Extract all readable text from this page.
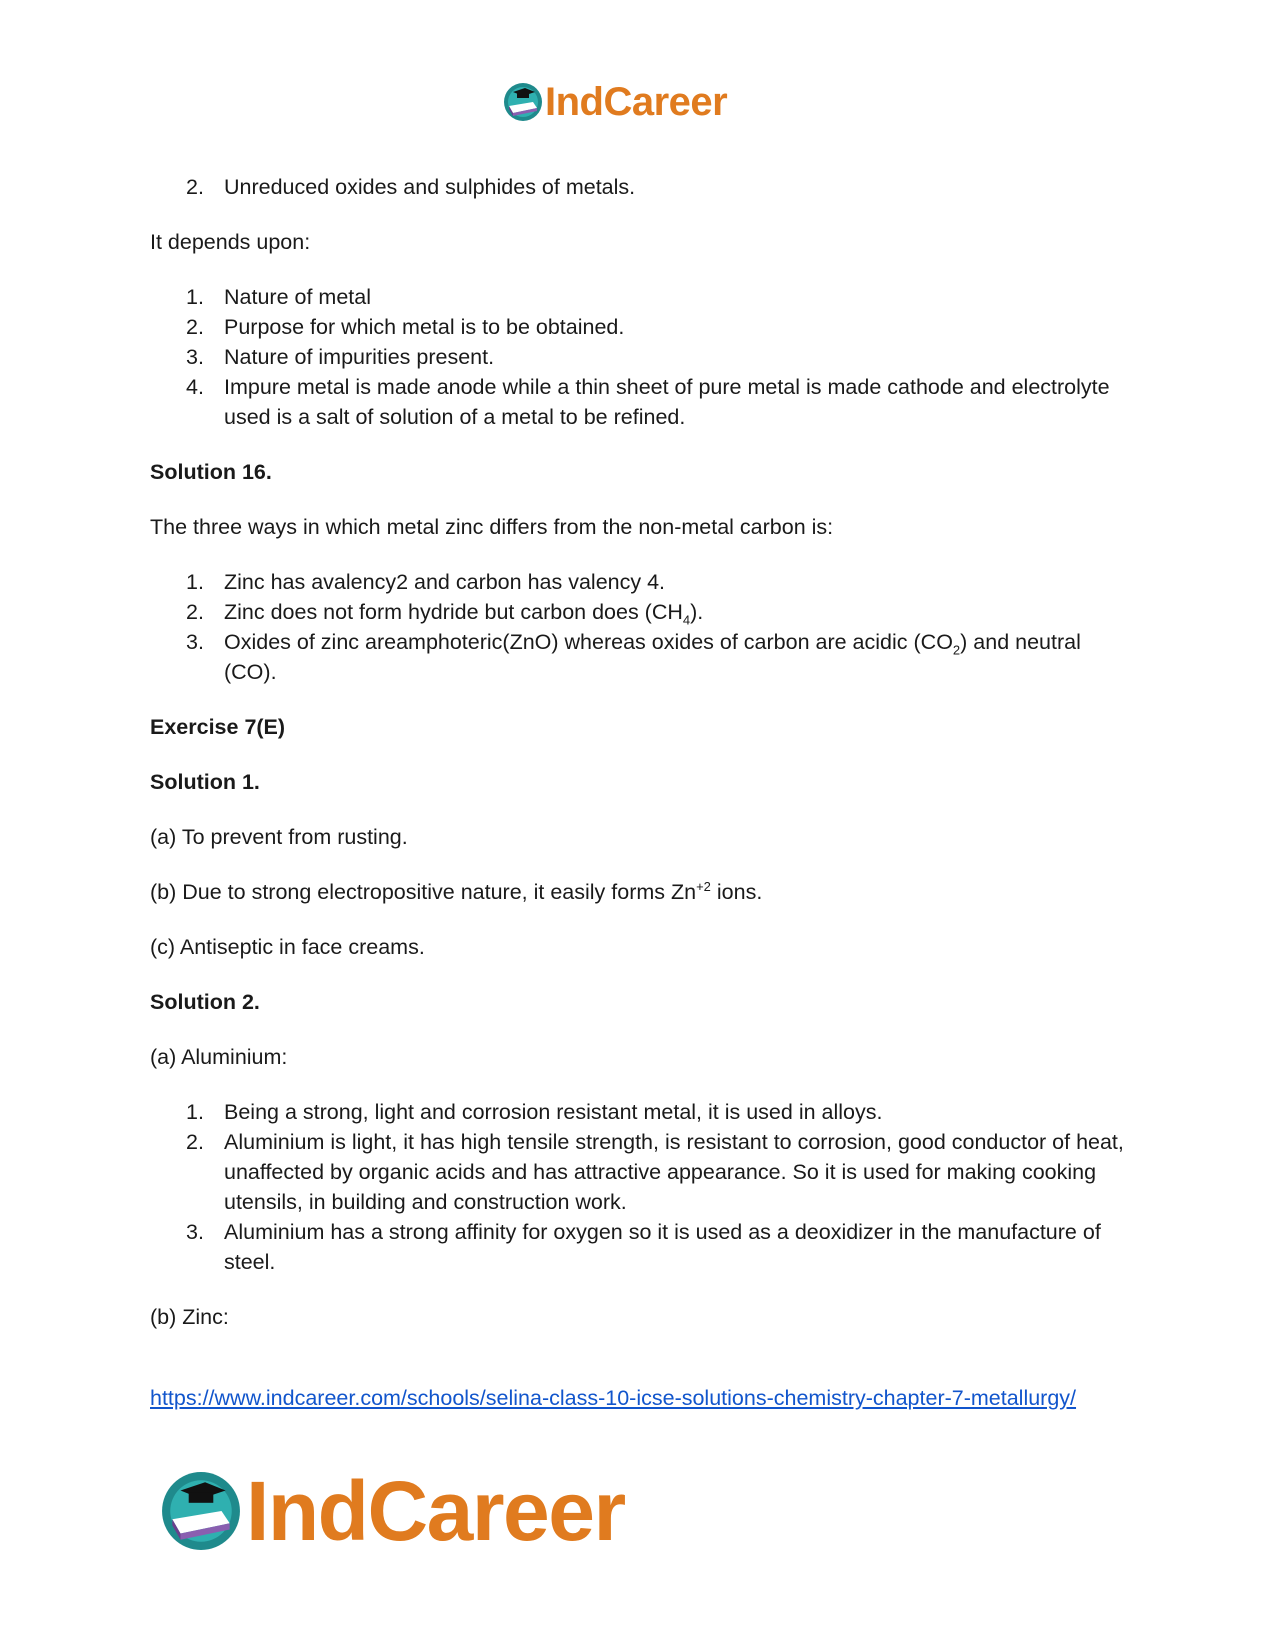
IndCareer
2. Unreduced oxides and sulphides of metals.

It depends upon:

1. Nature of metal
2. Purpose for which metal is to be obtained.
3. Nature of impurities present.
4. Impure metal is made anode while a thin sheet of pure metal is made cathode and electrolyte used is a salt of solution of a metal to be refined.

Solution 16.

The three ways in which metal zinc differs from the non-metal carbon is:

1. Zinc has avalency2 and carbon has valency 4.
2. Zinc does not form hydride but carbon does $(CH_4)$.
3. Oxides of zinc areamphoteric(ZnO) whereas oxides of carbon are acidic $(CO_2)$ and neutral (CO).

Exercise 7(E)

Solution 1.

(a) To prevent from rusting.

(b) Due to strong electropositive nature, it easily forms $Zn^{+2}$ ions.

(c) Antiseptic in face creams.

Solution 2.

(a) Aluminium:

1. Being a strong, light and corrosion resistant metal, it is used in alloys.
2. Aluminium is light, it has high tensile strength, is resistant to corrosion, good conductor of heat, unaffected by organic acids and has attractive appearance. So it is used for making cooking utensils, in building and construction work.
3. Aluminium has a strong affinity for oxygen so it is used as a deoxidizer in the manufacture of steel.

(b) Zinc:

https://www.indcareer.com/schools/selina-class-10-icse-solutions-chemistry-chapter-7-metallurgy/
IndCareer
